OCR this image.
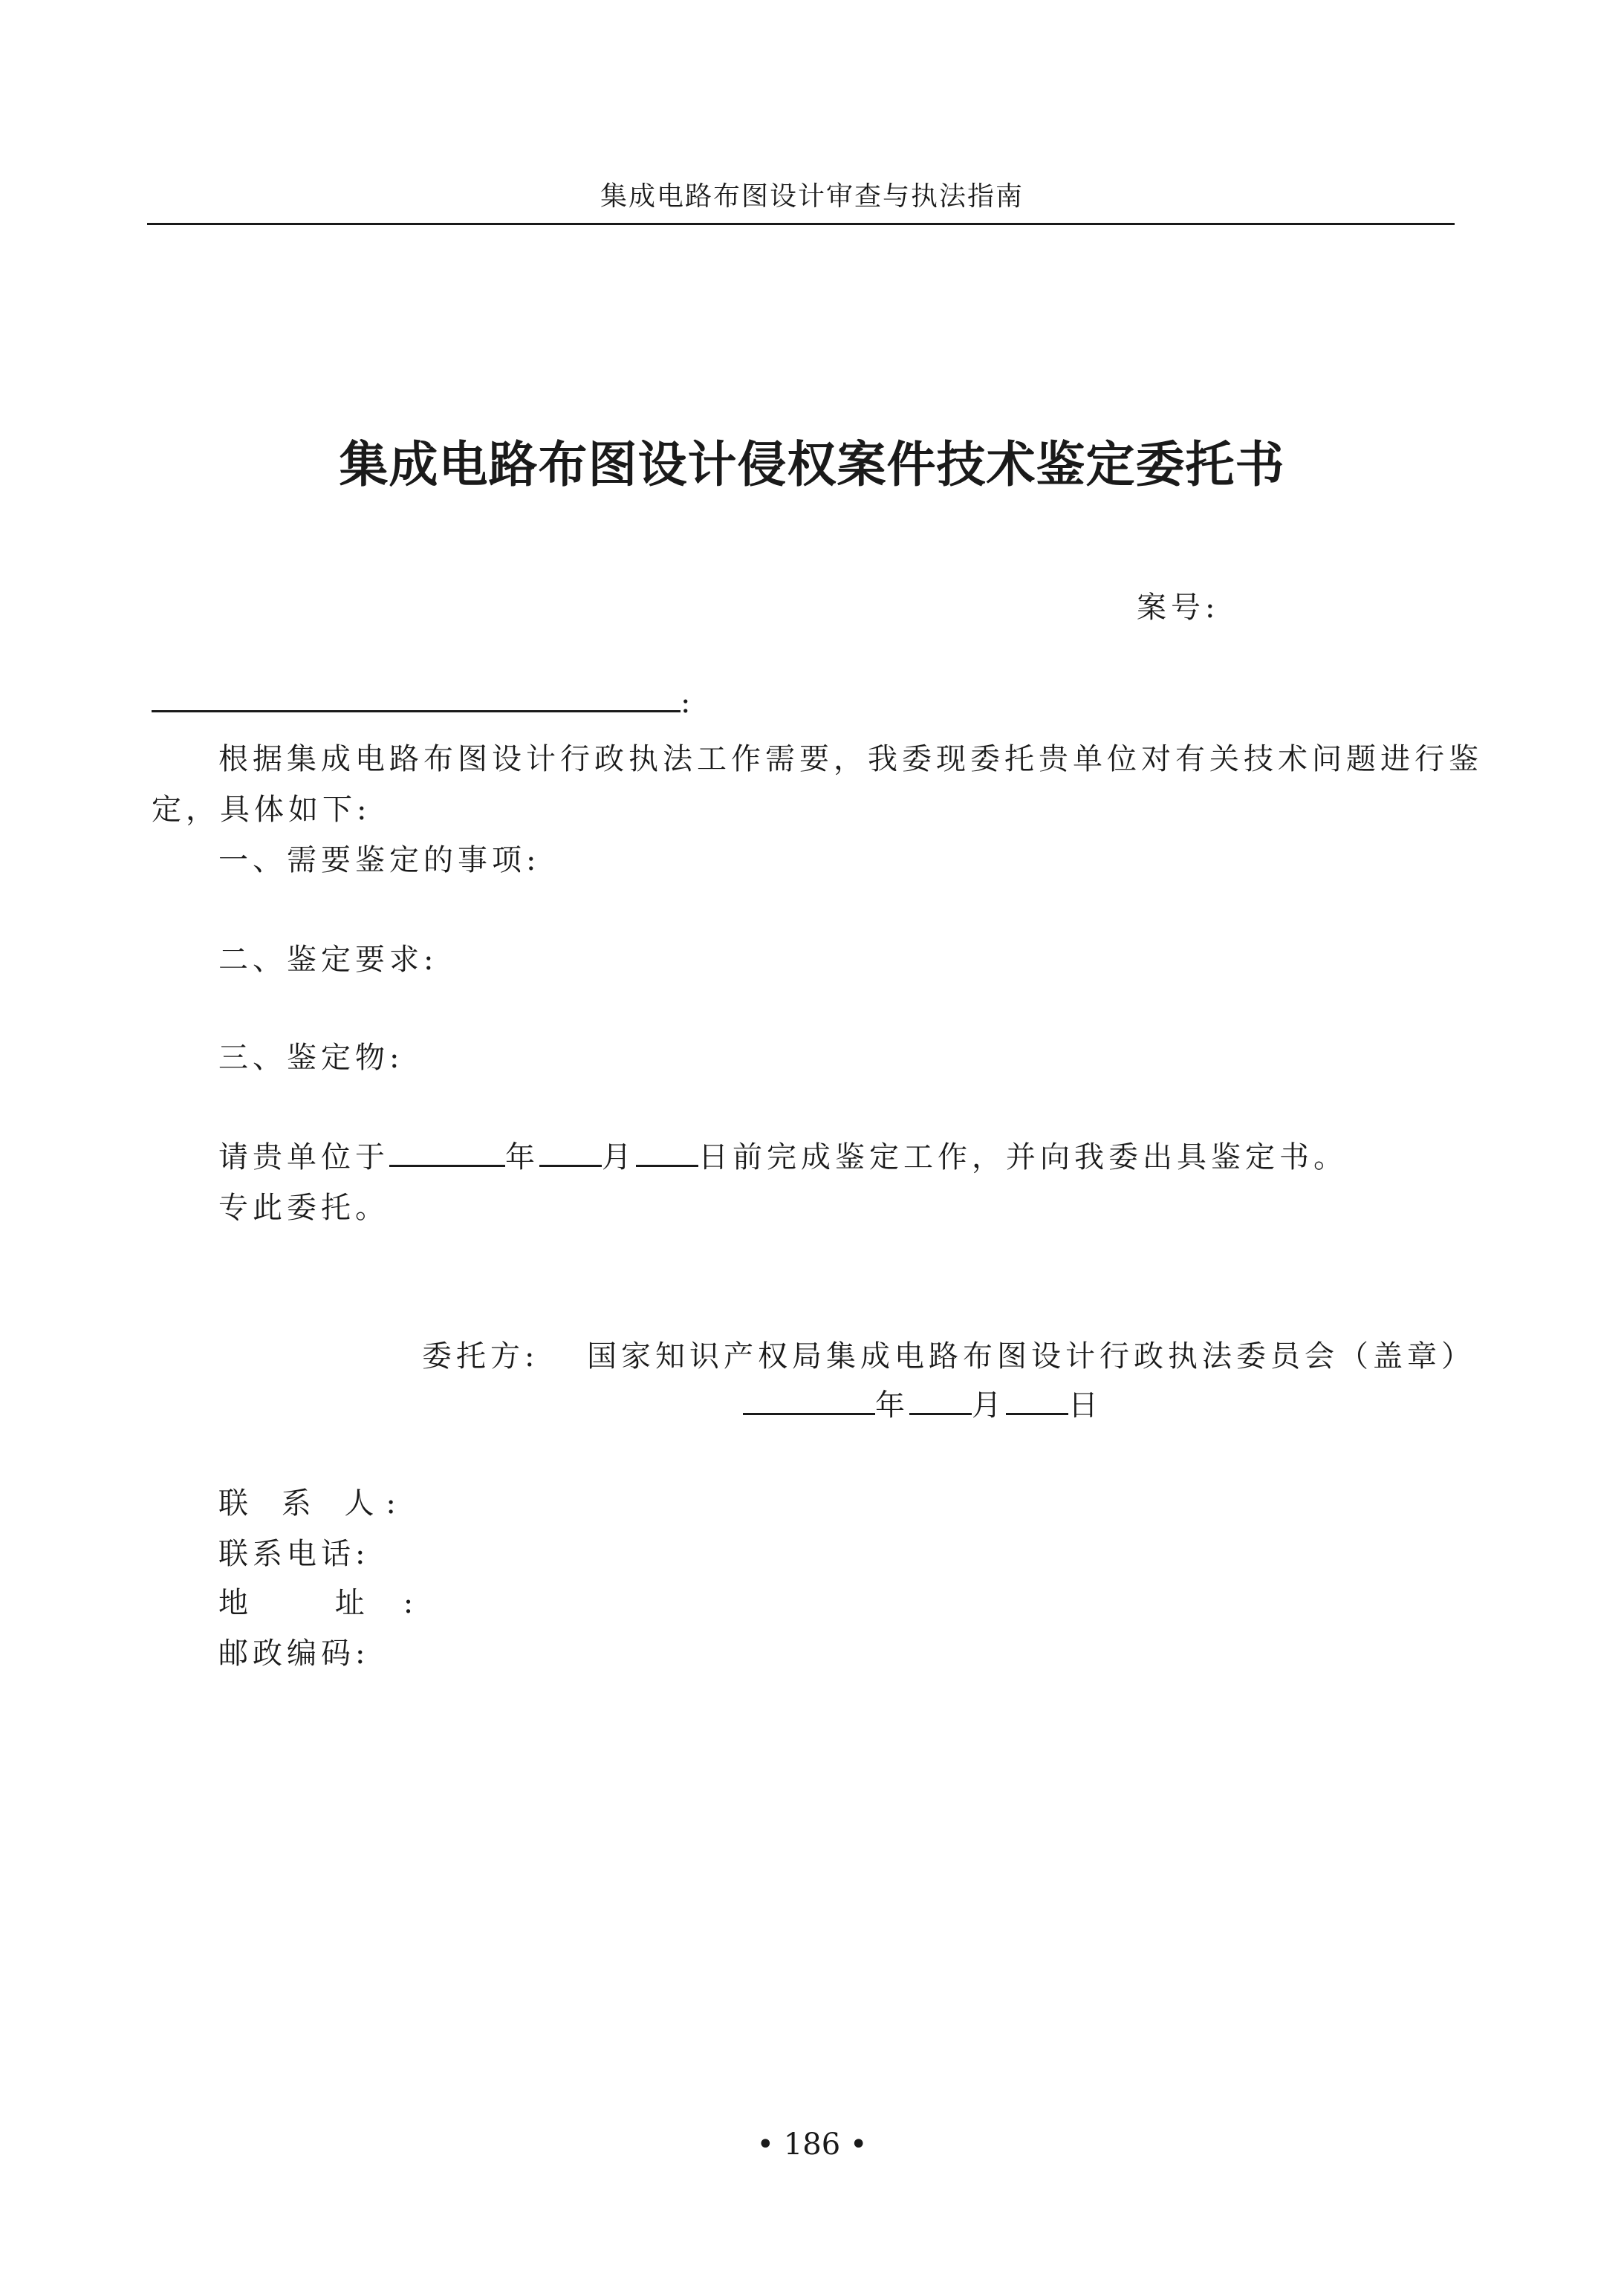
集成电路布图设计审查与执法指南
集成电路布图设计侵权案件技术鉴定委托书
案号:
:
根据集成电路布图设计行政执法工作需要，我委现委托贵单位对有关技术问题进行鉴
定，具体如下:
一、需要鉴定的事项:
二、鉴定要求:
三、鉴定物:
请贵单位于	年 月 日前完成鉴定工作，并向我委出具鉴定书。
专此委托。
委托方: 国家知识产权局集成电路布图设计行政执法委员会（盖章）
年 月 日
联 系 人:
联系电话:
地 址:
邮政编码:
• 186 •
